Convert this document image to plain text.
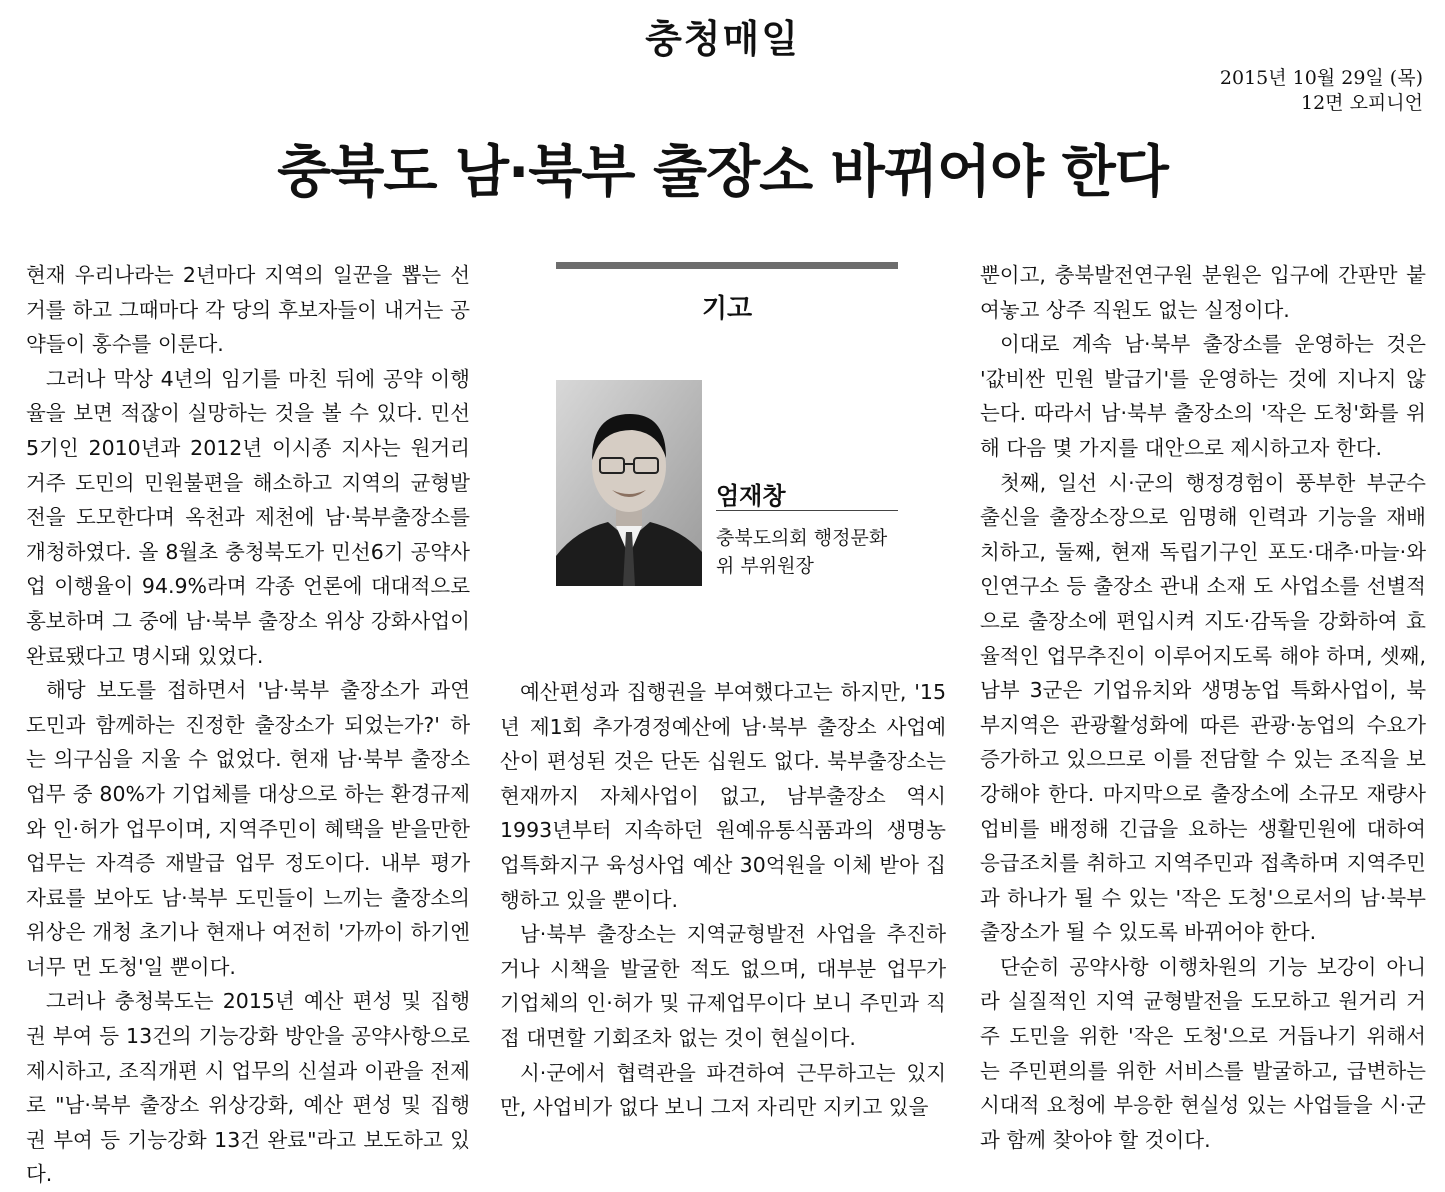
충청매일
2015년 10월 29일 (목)
12면 오피니언
충북도 남·북부 출장소 바뀌어야 한다

현재 우리나라는 2년마다 지역의 일꾼을 뽑는 선거를 하고 그때마다 각 당의 후보자들이 내거는 공약들이 홍수를 이룬다.

그러나 막상 4년의 임기를 마친 뒤에 공약 이행율을 보면 적잖이 실망하는 것을 볼 수 있다. 민선 5기인 2010년과 2012년 이시종 지사는 원거리 거주 도민의 민원불편을 해소하고 지역의 균형발전을 도모한다며 옥천과 제천에 남·북부출장소를 개청하였다. 올 8월초 충청북도가 민선6기 공약사업 이행율이 94.9%라며 각종 언론에 대대적으로 홍보하며 그 중에 남·북부 출장소 위상 강화사업이 완료됐다고 명시돼 있었다.

해당 보도를 접하면서 '남·북부 출장소가 과연 도민과 함께하는 진정한 출장소가 되었는가?' 하는 의구심을 지울 수 없었다. 현재 남·북부 출장소 업무 중 80%가 기업체를 대상으로 하는 환경규제와 인·허가 업무이며, 지역주민이 혜택을 받을만한 업무는 자격증 재발급 업무 정도이다. 내부 평가 자료를 보아도 남·북부 도민들이 느끼는 출장소의 위상은 개청 초기나 현재나 여전히 '가까이 하기엔 너무 먼 도청'일 뿐이다.

그러나 충청북도는 2015년 예산 편성 및 집행권 부여 등 13건의 기능강화 방안을 공약사항으로 제시하고, 조직개편 시 업무의 신설과 이관을 전제로 "남·북부 출장소 위상강화, 예산 편성 및 집행권 부여 등 기능강화 13건 완료"라고 보도하고 있다.

기고
엄재창
충북도의회 행정문화위 부위원장

예산편성과 집행권을 부여했다고는 하지만, '15년 제1회 추가경정예산에 남·북부 출장소 사업예산이 편성된 것은 단돈 십원도 없다. 북부출장소는 현재까지 자체사업이 없고, 남부출장소 역시 1993년부터 지속하던 원예유통식품과의 생명농업특화지구 육성사업 예산 30억원을 이체 받아 집행하고 있을 뿐이다.

남·북부 출장소는 지역균형발전 사업을 추진하거나 시책을 발굴한 적도 없으며, 대부분 업무가 기업체의 인·허가 및 규제업무이다 보니 주민과 직접 대면할 기회조차 없는 것이 현실이다.

시·군에서 협력관을 파견하여 근무하고는 있지만, 사업비가 없다 보니 그저 자리만 지키고 있을

뿐이고, 충북발전연구원 분원은 입구에 간판만 붙여놓고 상주 직원도 없는 실정이다.

이대로 계속 남·북부 출장소를 운영하는 것은 '값비싼 민원 발급기'를 운영하는 것에 지나지 않는다. 따라서 남·북부 출장소의 '작은 도청'화를 위해 다음 몇 가지를 대안으로 제시하고자 한다.

첫째, 일선 시·군의 행정경험이 풍부한 부군수 출신을 출장소장으로 임명해 인력과 기능을 재배치하고, 둘째, 현재 독립기구인 포도·대추·마늘·와인연구소 등 출장소 관내 소재 도 사업소를 선별적으로 출장소에 편입시켜 지도·감독을 강화하여 효율적인 업무추진이 이루어지도록 해야 하며, 셋째, 남부 3군은 기업유치와 생명농업 특화사업이, 북부지역은 관광활성화에 따른 관광·농업의 수요가 증가하고 있으므로 이를 전담할 수 있는 조직을 보강해야 한다. 마지막으로 출장소에 소규모 재량사업비를 배정해 긴급을 요하는 생활민원에 대하여 응급조치를 취하고 지역주민과 접촉하며 지역주민과 하나가 될 수 있는 '작은 도청'으로서의 남·북부 출장소가 될 수 있도록 바뀌어야 한다.

단순히 공약사항 이행차원의 기능 보강이 아니라 실질적인 지역 균형발전을 도모하고 원거리 거주 도민을 위한 '작은 도청'으로 거듭나기 위해서는 주민편의를 위한 서비스를 발굴하고, 급변하는 시대적 요청에 부응한 현실성 있는 사업들을 시·군과 함께 찾아야 할 것이다.
